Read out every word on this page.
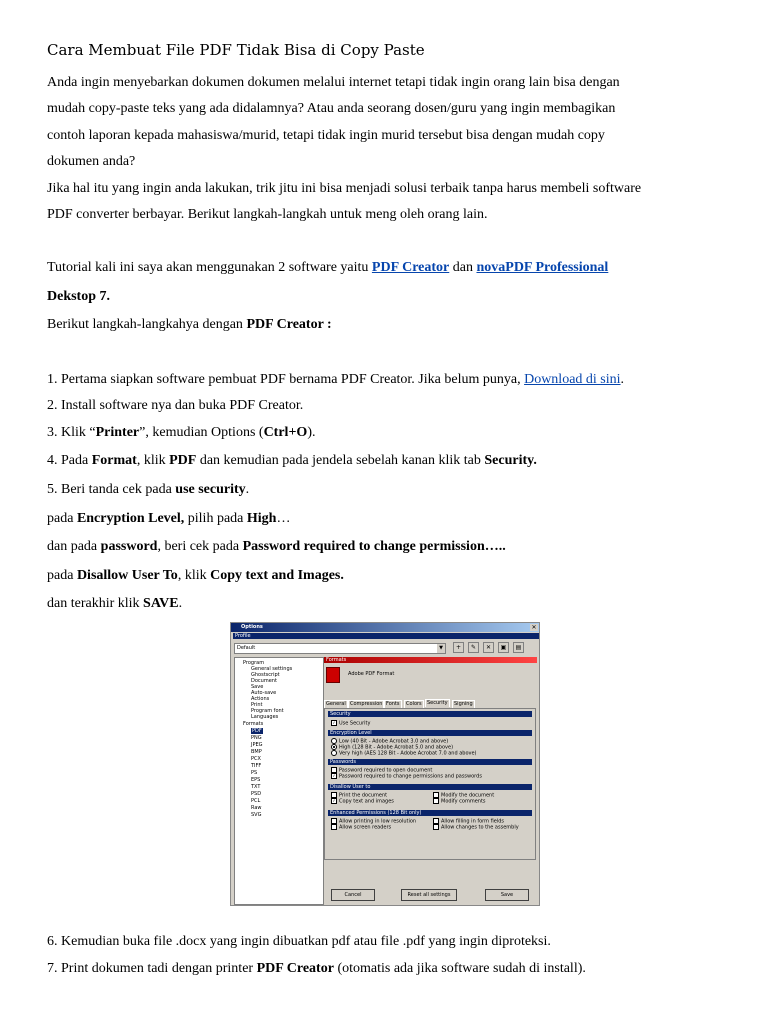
Cara Membuat File PDF Tidak Bisa di Copy Paste
Anda ingin menyebarkan dokumen dokumen melalui internet tetapi tidak ingin orang lain bisa dengan
mudah copy-paste teks yang ada didalamnya? Atau anda seorang dosen/guru yang ingin membagikan
contoh laporan kepada mahasiswa/murid, tetapi tidak ingin murid tersebut bisa dengan mudah copy
dokumen anda?
Jika hal itu yang ingin anda lakukan, trik jitu ini bisa menjadi solusi terbaik tanpa harus membeli software
PDF converter berbayar. Berikut langkah-langkah untuk meng oleh orang lain.
Tutorial kali ini saya akan menggunakan 2 software yaitu PDF Creator dan novaPDF Professional
Dekstop 7.
Berikut langkah-langkahya dengan PDF Creator :
1. Pertama siapkan software pembuat PDF bernama PDF Creator. Jika belum punya, Download di sini.
2. Install software nya dan buka PDF Creator.
3. Klik “Printer”, kemudian Options (Ctrl+O).
4. Pada Format, klik PDF dan kemudian pada jendela sebelah kanan klik tab Security.
5. Beri tanda cek pada use security.
pada Encryption Level, pilih pada High…
dan pada password, beri cek pada Password required to change permission…..
pada Disallow User To, klik Copy text and Images.
dan terakhir klik SAVE.
6. Kemudian buka file .docx yang ingin dibuatkan pdf atau file .pdf yang ingin diproteksi.
7. Print dokumen tadi dengan printer PDF Creator (otomatis ada jika software sudah di install).
Options	✕
Profile
Default	▼	+	✎	✕	▣	▤
Program
General settings
Ghostscript
Document
Save
Auto-save
Actions
Print
Program font
Languages
Formats
PDF
PNG
JPEG
BMP
PCX
TIFF
PS
EPS
TXT
PSD
PCL
Raw
SVG
Formats
Adobe PDF Format
General Compression Fonts	Colors	Security	Signing
Security
✓ Use Security
Encryption Level
Low (40 Bit - Adobe Acrobat 3.0 and above)
High (128 Bit - Adobe Acrobat 5.0 and above)
Very high (AES 128 Bit - Adobe Acrobat 7.0 and above)
Passwords
Password required to open document
✓ Password required to change permissions and passwords
Disallow User to
Print the document
✓ Copy text and images
Modify the document
Modify comments
Enhanced Permissions (128 Bit only)
Allow printing in low resolution
Allow screen readers
Allow filling in form fields
Allow changes to the assembly
Cancel	Reset all settings	Save
